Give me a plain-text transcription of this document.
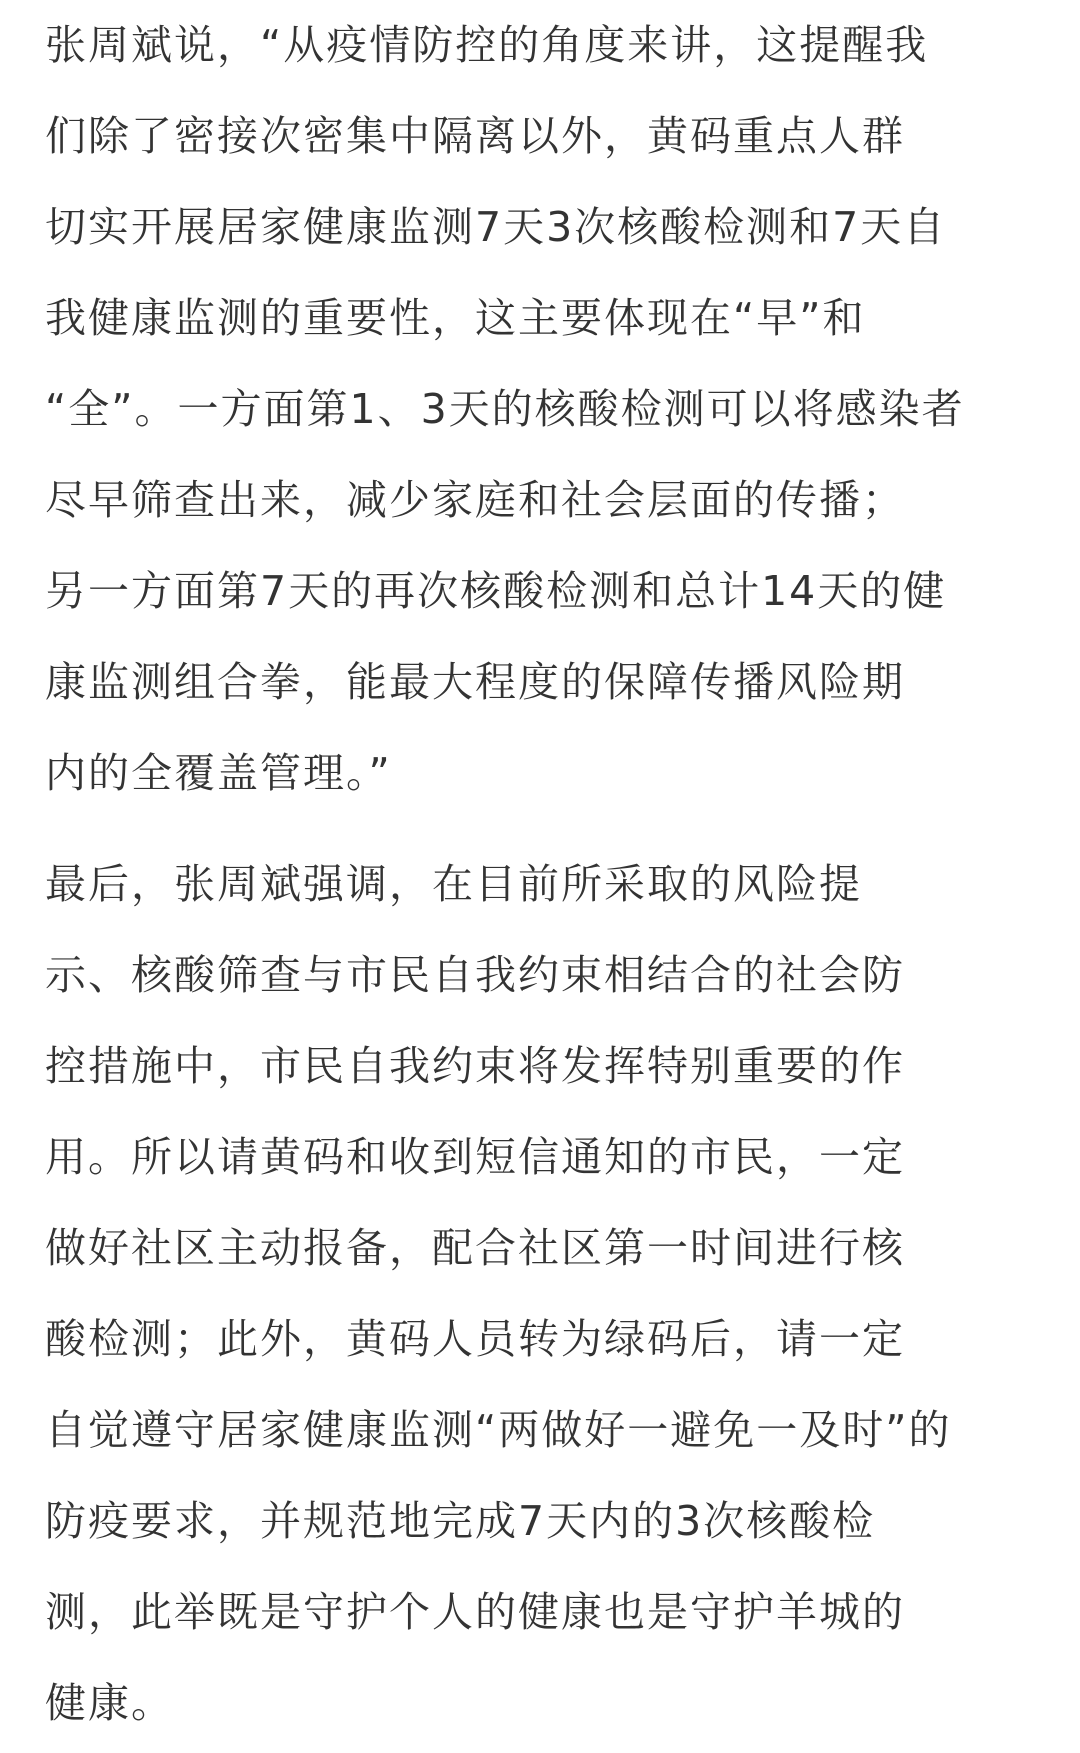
张周斌说，“从疫情防控的角度来讲，这提醒我
们除了密接次密集中隔离以外，黄码重点人群
切实开展居家健康监测7天3次核酸检测和7天自
我健康监测的重要性，这主要体现在“早”和
“全”。一方面第1、3天的核酸检测可以将感染者
尽早筛查出来，减少家庭和社会层面的传播；
另一方面第7天的再次核酸检测和总计14天的健
康监测组合拳，能最大程度的保障传播风险期
内的全覆盖管理。”
最后，张周斌强调，在目前所采取的风险提
示、核酸筛查与市民自我约束相结合的社会防
控措施中，市民自我约束将发挥特别重要的作
用。所以请黄码和收到短信通知的市民，一定
做好社区主动报备，配合社区第一时间进行核
酸检测；此外，黄码人员转为绿码后，请一定
自觉遵守居家健康监测“两做好一避免一及时”的
防疫要求，并规范地完成7天内的3次核酸检
测，此举既是守护个人的健康也是守护羊城的
健康。
